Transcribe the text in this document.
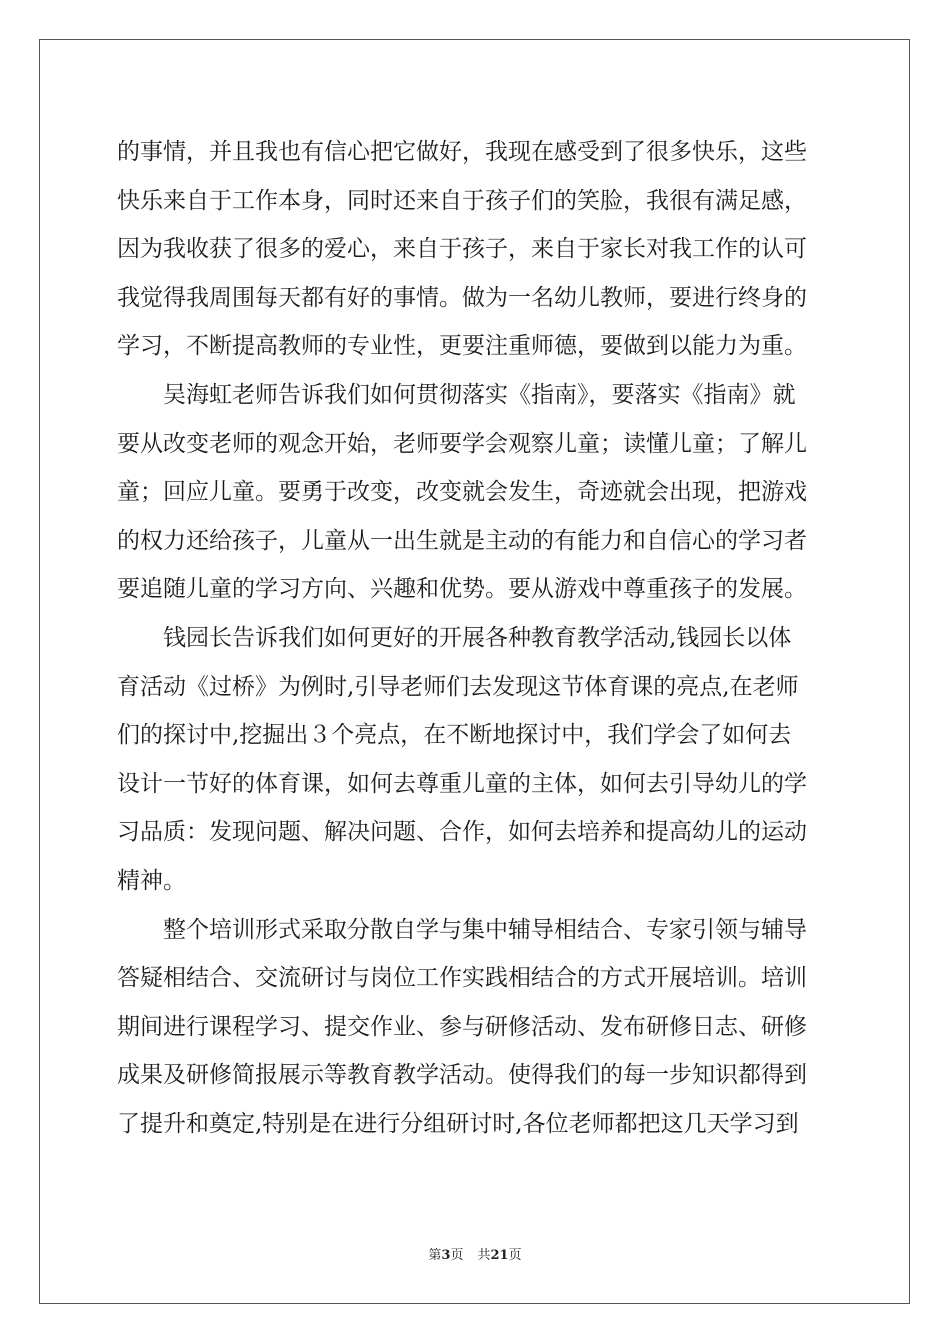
的事情，并且我也有信心把它做好，我现在感受到了很多快乐，这些
快乐来自于工作本身，同时还来自于孩子们的笑脸，我很有满足感，
因为我收获了很多的爱心，来自于孩子，来自于家长对我工作的认可
我觉得我周围每天都有好的事情。做为一名幼儿教师，要进行终身的
学习，不断提高教师的专业性，更要注重师德，要做到以能力为重。
　　吴海虹老师告诉我们如何贯彻落实《指南》，要落实《指南》就
要从改变老师的观念开始，老师要学会观察儿童；读懂儿童；了解儿
童；回应儿童。要勇于改变，改变就会发生，奇迹就会出现，把游戏
的权力还给孩子，儿童从一出生就是主动的有能力和自信心的学习者
要追随儿童的学习方向、兴趣和优势。要从游戏中尊重孩子的发展。
　　钱园长告诉我们如何更好的开展各种教育教学活动,钱园长以体
育活动《过桥》为例时,引导老师们去发现这节体育课的亮点,在老师
们的探讨中,挖掘出３个亮点，在不断地探讨中，我们学会了如何去
设计一节好的体育课，如何去尊重儿童的主体，如何去引导幼儿的学
习品质：发现问题、解决问题、合作，如何去培养和提高幼儿的运动
精神。
　　整个培训形式采取分散自学与集中辅导相结合、专家引领与辅导
答疑相结合、交流研讨与岗位工作实践相结合的方式开展培训。培训
期间进行课程学习、提交作业、参与研修活动、发布研修日志、研修
成果及研修简报展示等教育教学活动。使得我们的每一步知识都得到
了提升和奠定,特别是在进行分组研讨时,各位老师都把这几天学习到
第3页 共21页
